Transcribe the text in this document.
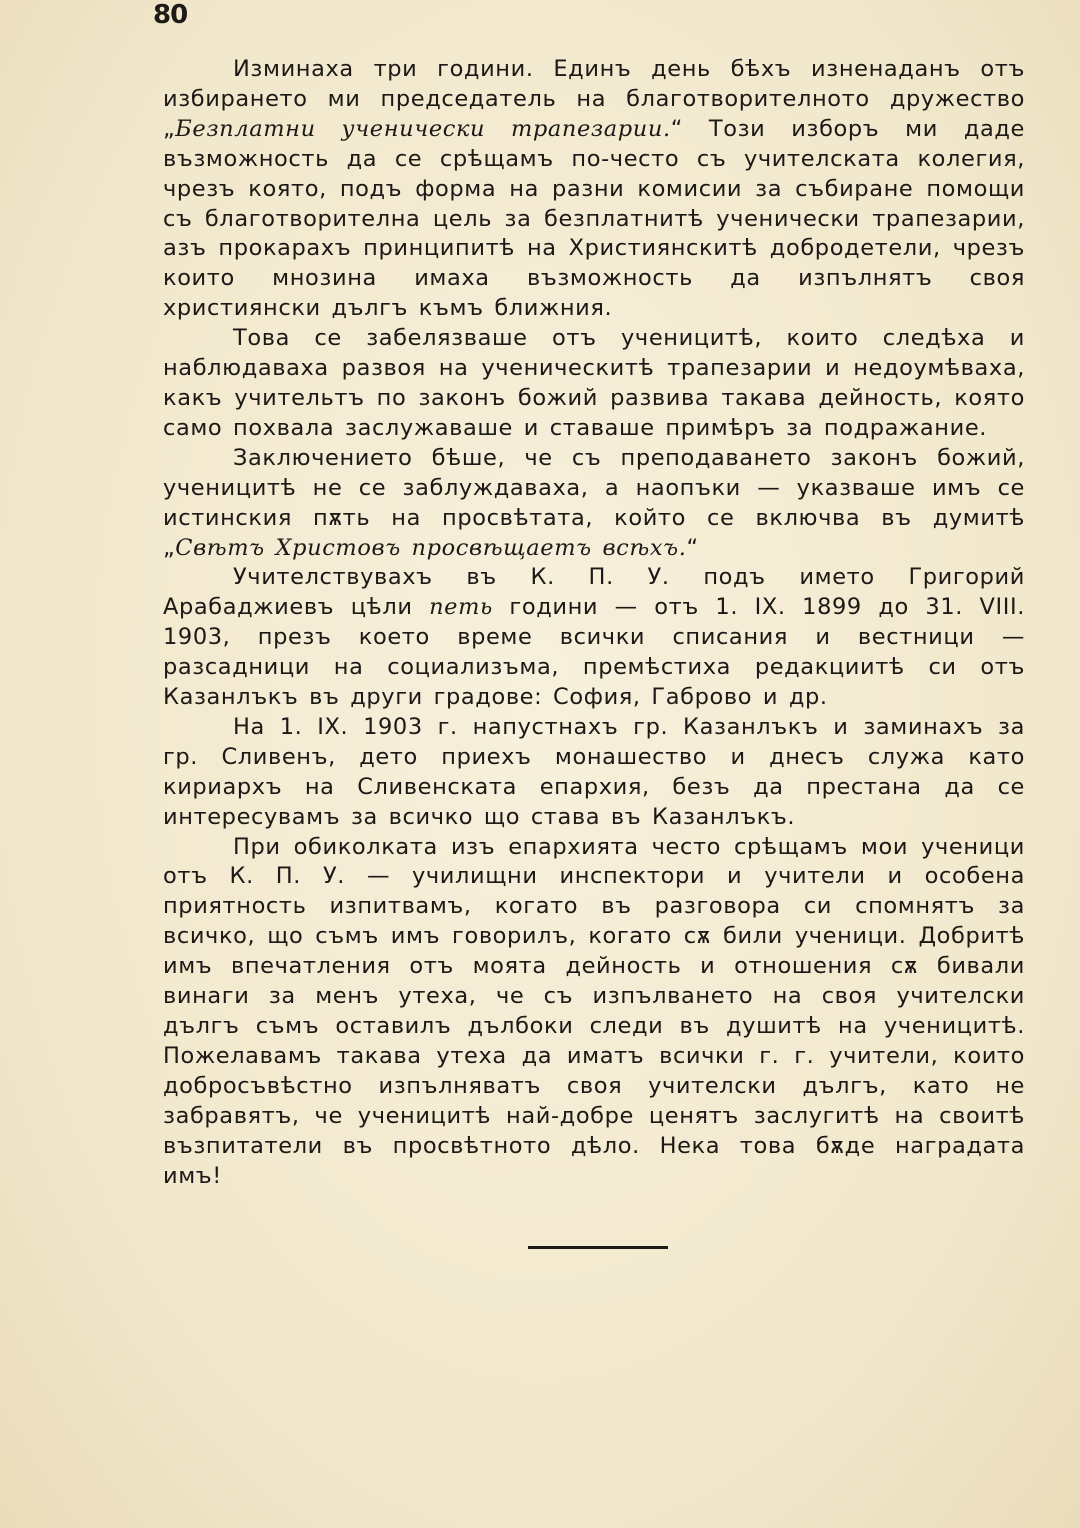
80

Изминаха три години. Единъ день бѣхъ изненаданъ отъ избирането ми председатель на благотворителното дружество „Безплатни ученически трапезарии.“ Този изборъ ми даде възможность да се срѣщамъ по-често съ учителската колегия, чрезъ която, подъ форма на разни комисии за събиране помощи съ благотворителна цель за безплатнитѣ ученически трапезарии, азъ прокарахъ принципитѣ на Християнскитѣ добродетели, чрезъ които мнозина имаха възможность да изпълнятъ своя християнски дългъ къмъ ближния.

Това се забелязваше отъ ученицитѣ, които следѣха и наблюдаваха развоя на ученическитѣ трапезарии и недоумѣваха, какъ учительтъ по законъ божий развива такава дейность, която само похвала заслужаваше и ставаше примѣръ за подражание.

Заключението бѣше, че съ преподаването законъ божий, ученицитѣ не се заблуждаваха, а наопъки — указваше имъ се истинския пѫть на просвѣтата, който се включва въ думитѣ „Свѣтъ Христовъ просвѣщаетъ всѣхъ.“

Учителствувахъ въ К. П. У. подъ името Григорий Арабаджиевъ цѣли петь години — отъ 1. IX. 1899 до 31. VIII. 1903, презъ което време всички списания и вестници — разсадници на социализъма, премѣстиха редакциитѣ си отъ Казанлъкъ въ други градове: София, Габрово и др.

На 1. IX. 1903 г. напустнахъ гр. Казанлъкъ и заминахъ за гр. Сливенъ, дето приехъ монашество и днесъ служа като кириархъ на Сливенската епархия, безъ да престана да се интересувамъ за всичко що става въ Казанлъкъ.

При обиколката изъ епархията често срѣщамъ мои ученици отъ К. П. У. — училищни инспектори и учители и особена приятность изпитвамъ, когато въ разговора си спомнятъ за всичко, що съмъ имъ говорилъ, когато сѫ били ученици. Добритѣ имъ впечатления отъ моята дейность и отношения сѫ бивали винаги за менъ утеха, че съ изпълването на своя учителски дългъ съмъ оставилъ дълбоки следи въ душитѣ на ученицитѣ. Пожелавамъ такава утеха да иматъ всички г. г. учители, които добросъвѣстно изпълняватъ своя учителски дългъ, като не забравятъ, че ученицитѣ най-добре ценятъ заслугитѣ на своитѣ възпитатели въ просвѣтното дѣло. Нека това бѫде наградата имъ!
